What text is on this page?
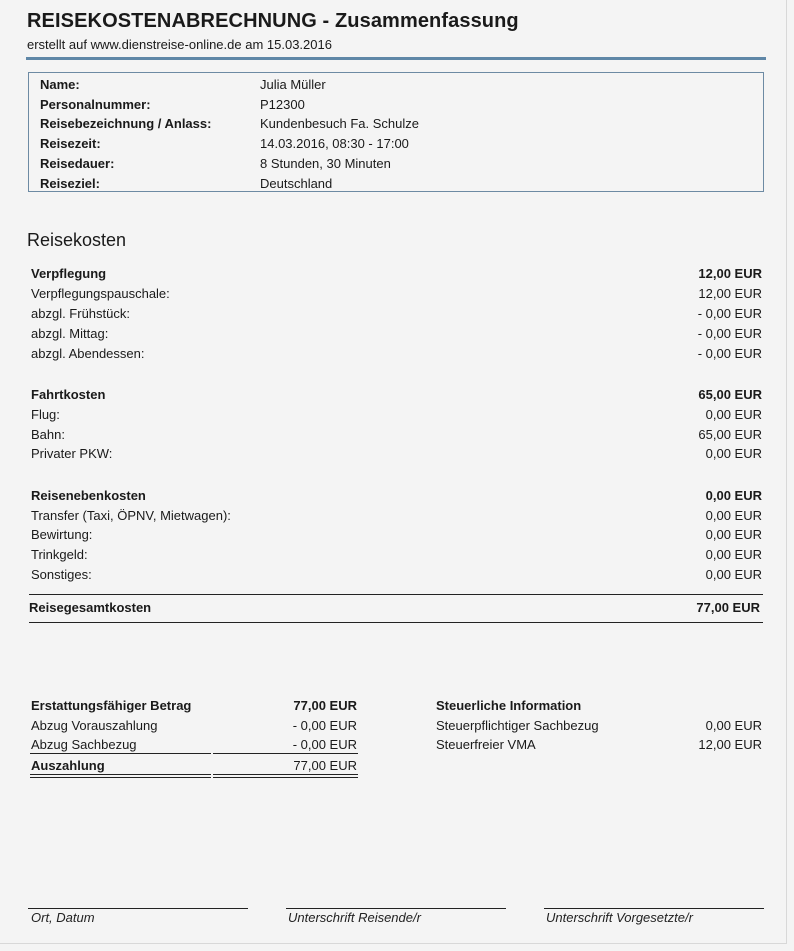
REISEKOSTENABRECHNUNG - Zusammenfassung
erstellt auf www.dienstreise-online.de am 15.03.2016
Name:	Julia Müller
Personalnummer:	P12300
Reisebezeichnung / Anlass:	Kundenbesuch Fa. Schulze
Reisezeit:	14.03.2016, 08:30 - 17:00
Reisedauer:	8 Stunden, 30 Minuten
Reiseziel:	Deutschland
Reisekosten
Verpflegung	12,00 EUR
Verpflegungspauschale:	12,00 EUR
abzgl. Frühstück:	- 0,00 EUR
abzgl. Mittag:	- 0,00 EUR
abzgl. Abendessen:	- 0,00 EUR
Fahrtkosten	65,00 EUR
Flug:	0,00 EUR
Bahn:	65,00 EUR
Privater PKW:	0,00 EUR
Reisenebenkosten	0,00 EUR
Transfer (Taxi, ÖPNV, Mietwagen):	0,00 EUR
Bewirtung:	0,00 EUR
Trinkgeld:	0,00 EUR
Sonstiges:	0,00 EUR
Reisegesamtkosten	77,00 EUR
Erstattungsfähiger Betrag	77,00 EUR
Abzug Vorauszahlung	- 0,00 EUR
Abzug Sachbezug	- 0,00 EUR
Auszahlung	77,00 EUR
Steuerliche Information
Steuerpflichtiger Sachbezug	0,00 EUR
Steuerfreier VMA	12,00 EUR
Ort, Datum	Unterschrift Reisende/r	Unterschrift Vorgesetzte/r
